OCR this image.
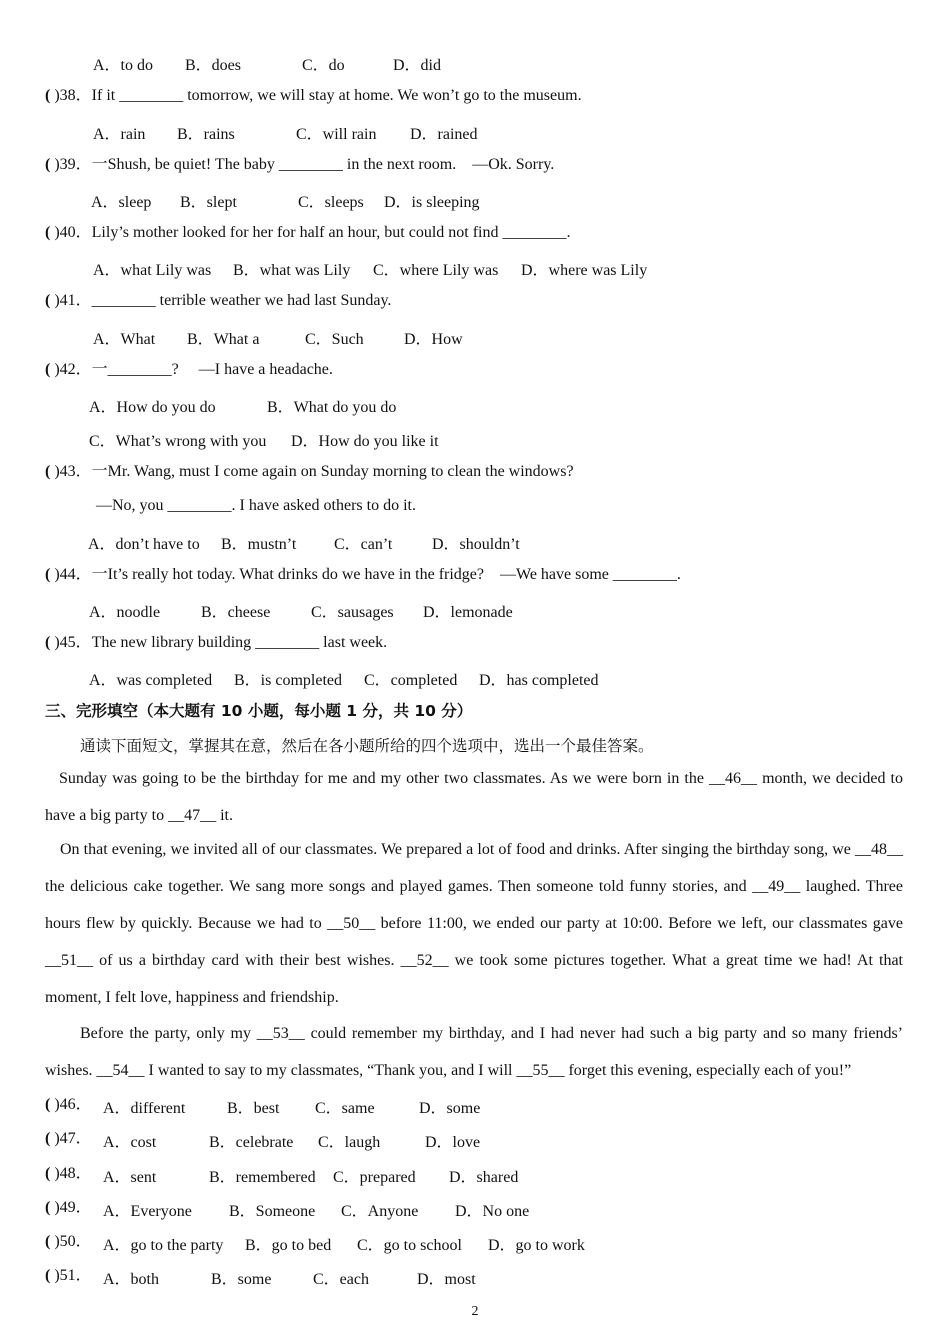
A．to do B．does	C．do	D．did
( )38．If it ________ tomorrow, we will stay at home. We won’t go to the museum.
A．rain B．rains	C．will rain D．rained
( )39．一Shush, be quiet! The baby ________ in the next room.    —Ok. Sorry.
A．sleep B．slept	C．sleeps D．is sleeping
( )40．Lily’s mother looked for her for half an hour, but could not find ________.
A．what Lily was B．what was Lily C．where Lily was D．where was Lily
( )41．________ terrible weather we had last Sunday.
A．What B．What a	C．Such	D．How
( )42．一________?     —I have a headache.
A．How do you do	B．What do you do
C．What’s wrong with you D．How do you like it
( )43．一Mr. Wang, must I come again on Sunday morning to clean the windows?
—No, you ________. I have asked others to do it.
A．don’t have to B．mustn’t C．can’t D．shouldn’t
( )44．一It’s really hot today. What drinks do we have in the fridge?    —We have some ________.
A．noodle	B．cheese	C．sausages D．lemonade
( )45．The new library building ________ last week.
A．was completed B．is completed C．completed D．has completed
三、完形填空（本大题有 10 小题，每小题 1 分，共 10 分）
通读下面短文，掌握其在意，然后在各小题所给的四个选项中，选出一个最佳答案。
Sunday was going to be the birthday for me and my other two classmates. As we were born in the __46__ month, we decided to have a big party to __47__ it.
On that evening, we invited all of our classmates. We prepared a lot of food and drinks. After singing the birthday song, we __48__ the delicious cake together. We sang more songs and played games. Then someone told funny stories, and __49__ laughed. Three hours flew by quickly. Because we had to __50__ before 11:00, we ended our party at 10:00. Before we left, our classmates gave __51__ of us a birthday card with their best wishes. __52__ we took some pictures together. What a great time we had! At that moment, I felt love, happiness and friendship.
Before the party, only my __53__ could remember my birthday, and I had never had such a big party and so many friends’ wishes. __54__ I wanted to say to my classmates, “Thank you, and I will __55__ forget this evening, especially each of you!”
( )46． A．different	B．best C．same	D．some
( )47． A．cost	B．celebrate C．laugh	D．love
( )48． A．sent	B．remembered C．prepared D．shared
( )49． A．Everyone B．Someone C．Anyone D．No one
( )50． A．go to the party B．go to bed C．go to school D．go to work
( )51． A．both	B．some	C．each	D．most
2
